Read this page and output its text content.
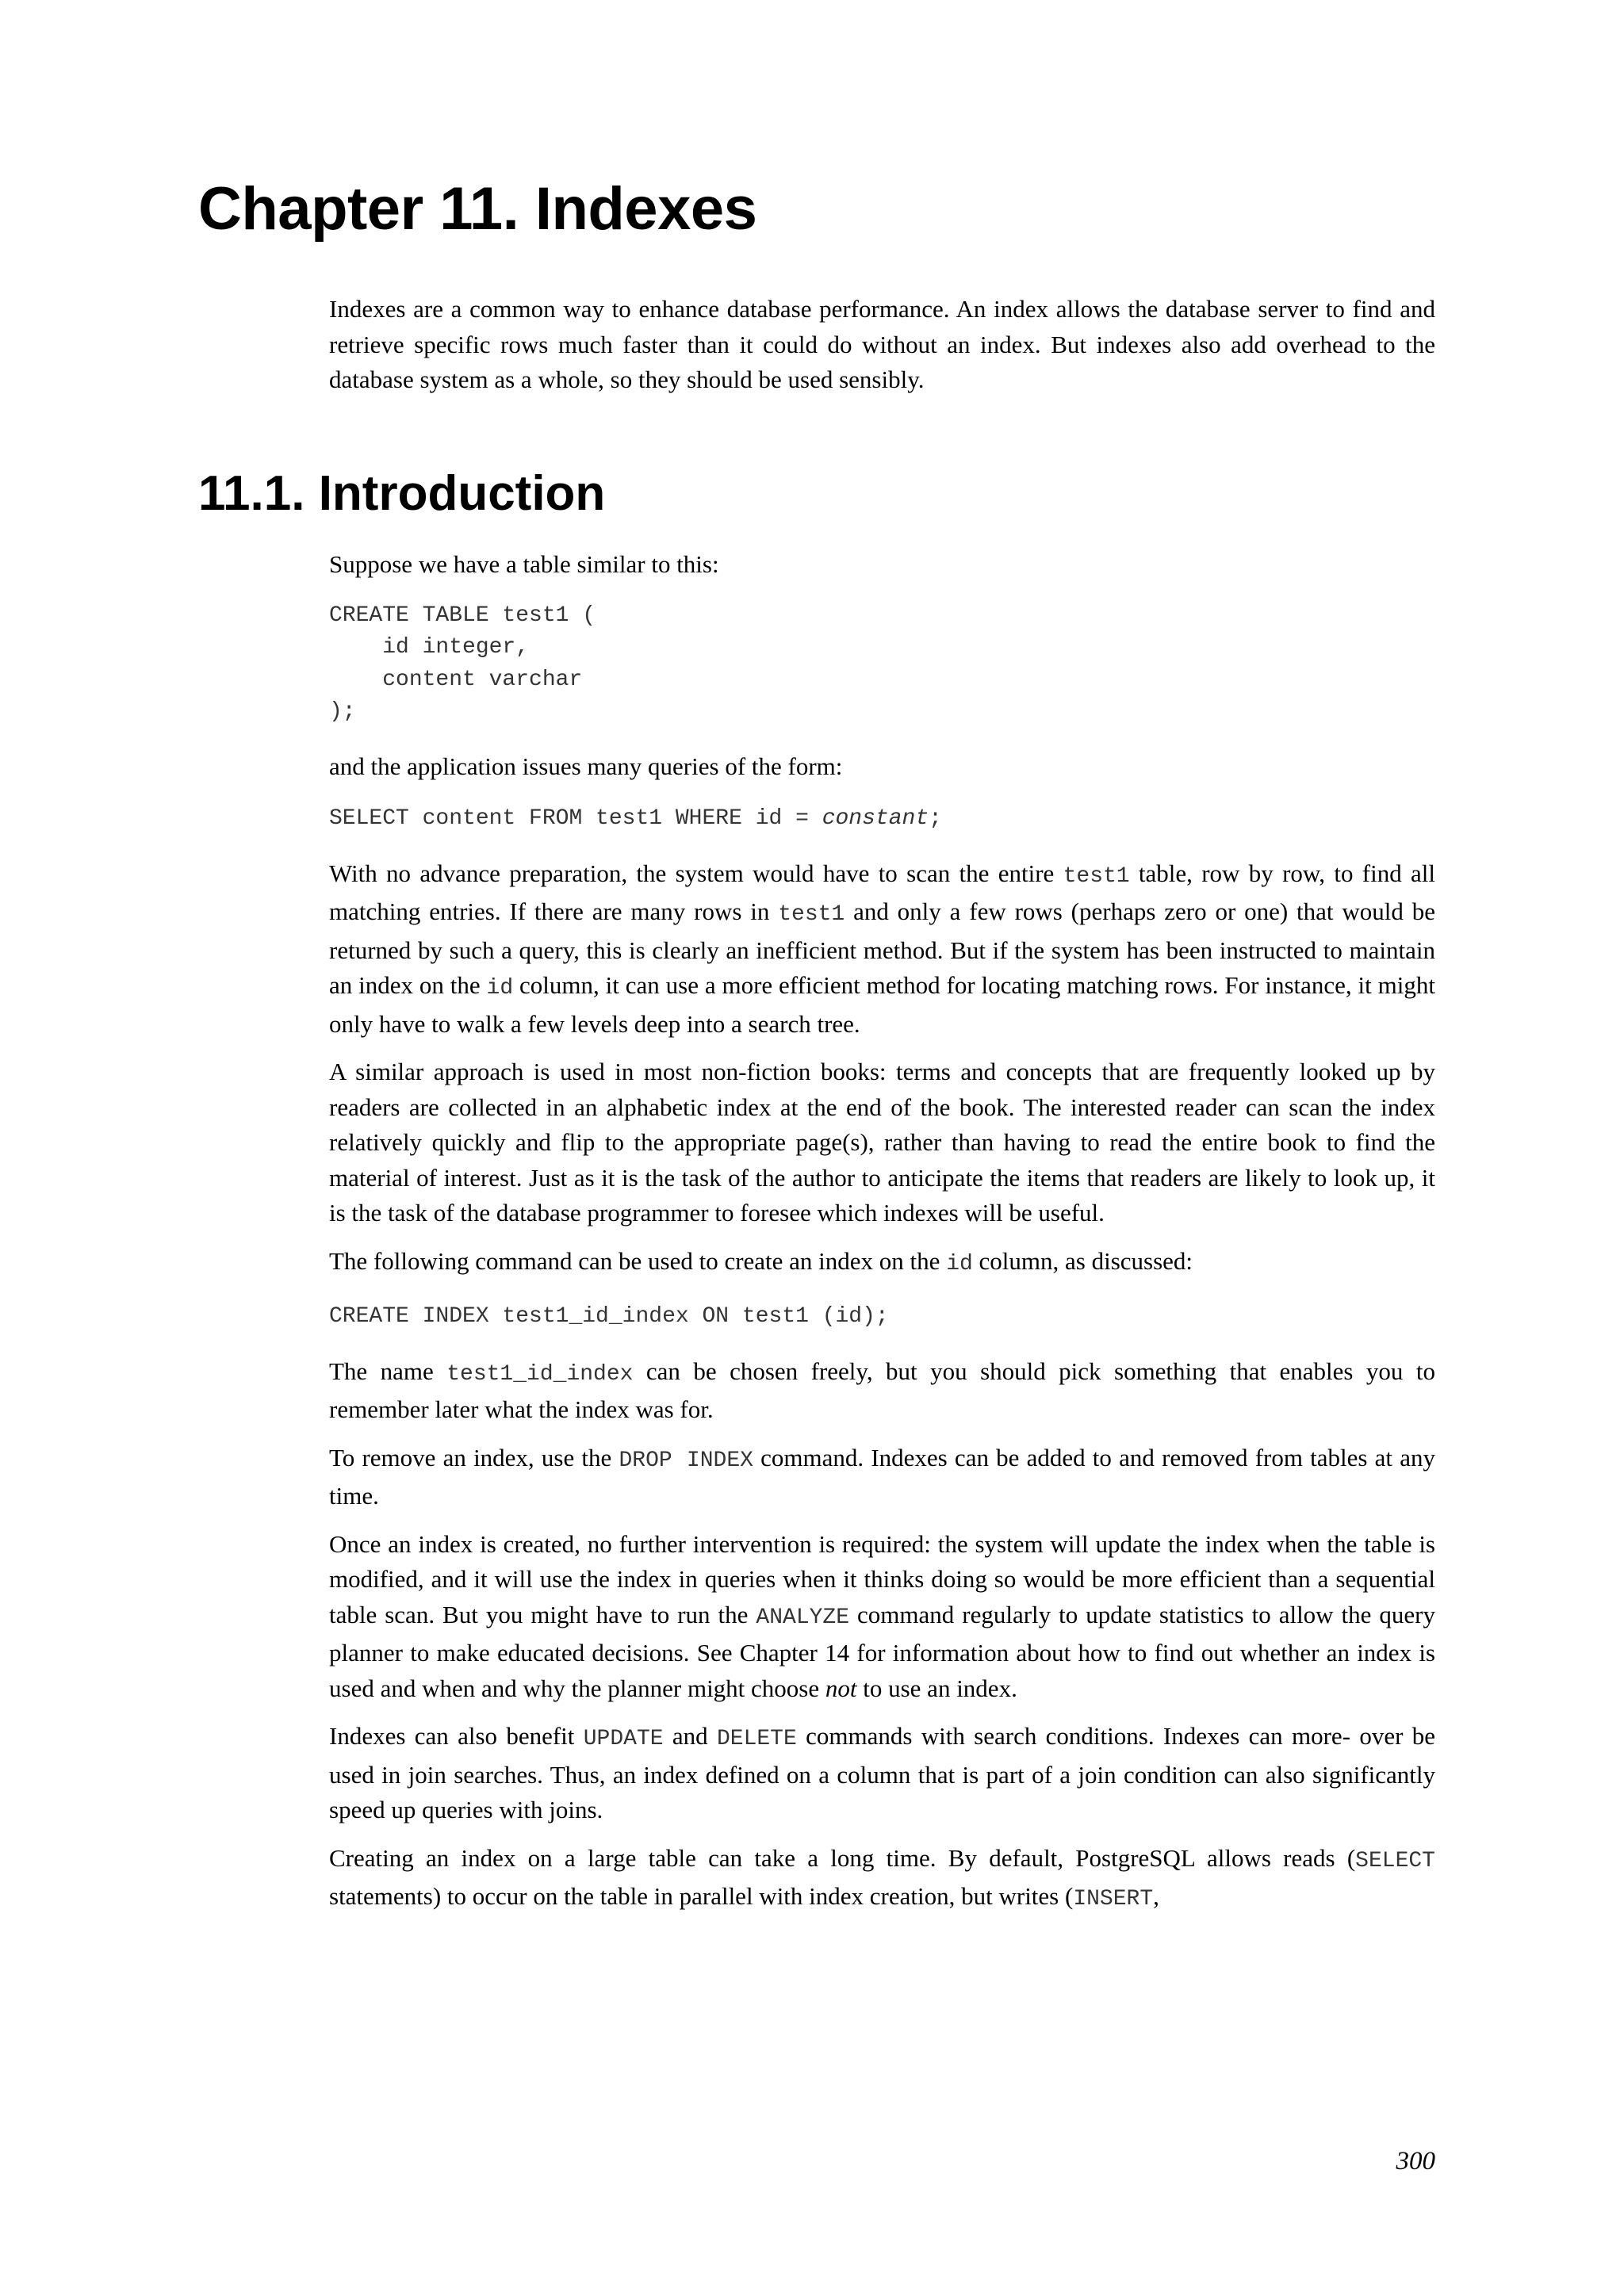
Chapter 11. Indexes

Indexes are a common way to enhance database performance. An index allows the database server to find and retrieve specific rows much faster than it could do without an index. But indexes also add overhead to the database system as a whole, so they should be used sensibly.

11.1. Introduction

Suppose we have a table similar to this:

CREATE TABLE test1 (
id integer,
content varchar
);

and the application issues many queries of the form:

SELECT content FROM test1 WHERE id = constant;

With no advance preparation, the system would have to scan the entire test1 table, row by row, to find all matching entries. If there are many rows in test1 and only a few rows (perhaps zero or one) that would be returned by such a query, this is clearly an inefficient method. But if the system has been instructed to maintain an index on the id column, it can use a more efficient method for locating matching rows. For instance, it might only have to walk a few levels deep into a search tree.

A similar approach is used in most non-fiction books: terms and concepts that are frequently looked up by readers are collected in an alphabetic index at the end of the book. The interested reader can scan the index relatively quickly and flip to the appropriate page(s), rather than having to read the entire book to find the material of interest. Just as it is the task of the author to anticipate the items that readers are likely to look up, it is the task of the database programmer to foresee which indexes will be useful.

The following command can be used to create an index on the id column, as discussed:

CREATE INDEX test1_id_index ON test1 (id);

The name test1_id_index can be chosen freely, but you should pick something that enables you to remember later what the index was for.

To remove an index, use the DROP INDEX command. Indexes can be added to and removed from tables at any time.

Once an index is created, no further intervention is required: the system will update the index when the table is modified, and it will use the index in queries when it thinks doing so would be more efficient than a sequential table scan. But you might have to run the ANALYZE command regularly to update statistics to allow the query planner to make educated decisions. See Chapter 14 for information about how to find out whether an index is used and when and why the planner might choose not to use an index.

Indexes can also benefit UPDATE and DELETE commands with search conditions. Indexes can more- over be used in join searches. Thus, an index defined on a column that is part of a join condition can also significantly speed up queries with joins.

Creating an index on a large table can take a long time. By default, PostgreSQL allows reads (SELECT statements) to occur on the table in parallel with index creation, but writes (INSERT,

300
